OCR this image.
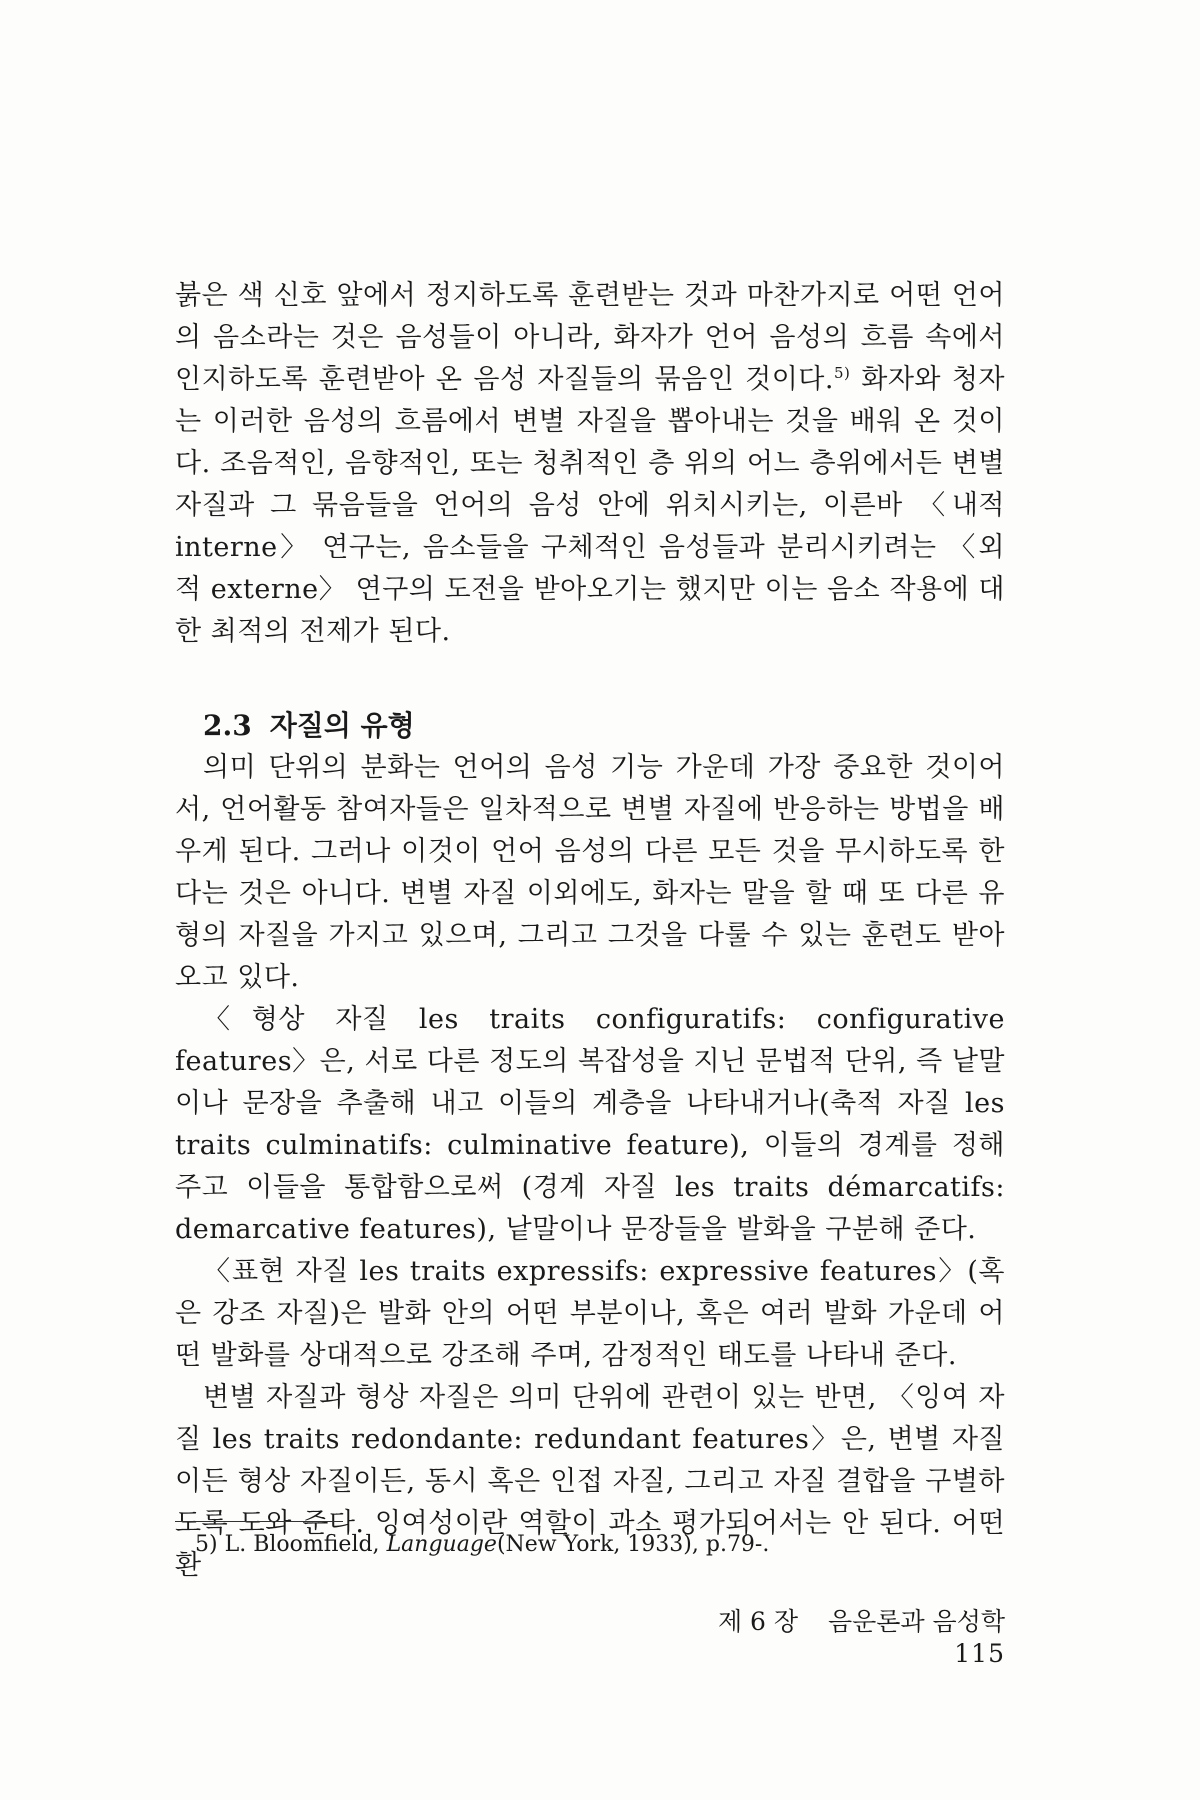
붉은 색 신호 앞에서 정지하도록 훈련받는 것과 마찬가지로 어떤 언어의 음소라는 것은 음성들이 아니라, 화자가 언어 음성의 흐름 속에서 인지하도록 훈련받아 온 음성 자질들의 묶음인 것이다.$^{5)}$ 화자와 청자는 이러한 음성의 흐름에서 변별 자질을 뽑아내는 것을 배워 온 것이다. 조음적인, 음향적인, 또는 청취적인 층 위의 어느 층위에서든 변별 자질과 그 묶음들을 언어의 음성 안에 위치시키는, 이른바 〈내적 interne〉 연구는, 음소들을 구체적인 음성들과 분리시키려는 〈외적 externe〉 연구의 도전을 받아오기는 했지만 이는 음소 작용에 대한 최적의 전제가 된다.

2.3 자질의 유형

의미 단위의 분화는 언어의 음성 기능 가운데 가장 중요한 것이어서, 언어활동 참여자들은 일차적으로 변별 자질에 반응하는 방법을 배우게 된다. 그러나 이것이 언어 음성의 다른 모든 것을 무시하도록 한다는 것은 아니다. 변별 자질 이외에도, 화자는 말을 할 때 또 다른 유형의 자질을 가지고 있으며, 그리고 그것을 다룰 수 있는 훈련도 받아 오고 있다.

〈형상 자질 les traits configuratifs: configurative features〉은, 서로 다른 정도의 복잡성을 지닌 문법적 단위, 즉 낱말이나 문장을 추출해 내고 이들의 계층을 나타내거나(축적 자질 les traits culminatifs: culminative feature), 이들의 경계를 정해 주고 이들을 통합함으로써 (경계 자질 les traits démarcatifs: demarcative features), 낱말이나 문장들을 발화을 구분해 준다.

〈표현 자질 les traits expressifs: expressive features〉(혹은 강조 자질)은 발화 안의 어떤 부분이나, 혹은 여러 발화 가운데 어떤 발화를 상대적으로 강조해 주며, 감정적인 태도를 나타내 준다.

변별 자질과 형상 자질은 의미 단위에 관련이 있는 반면, 〈잉여 자질 les traits redondante: redundant features〉은, 변별 자질이든 형상 자질이든, 동시 혹은 인접 자질, 그리고 자질 결합을 구별하도록 도와 준다. 잉여성이란 역할이 과소 평가되어서는 안 된다. 어떤 환

5) L. Bloomfield, Language(New York, 1933), p.79-.
제 6 장 음운론과 음성학 115
